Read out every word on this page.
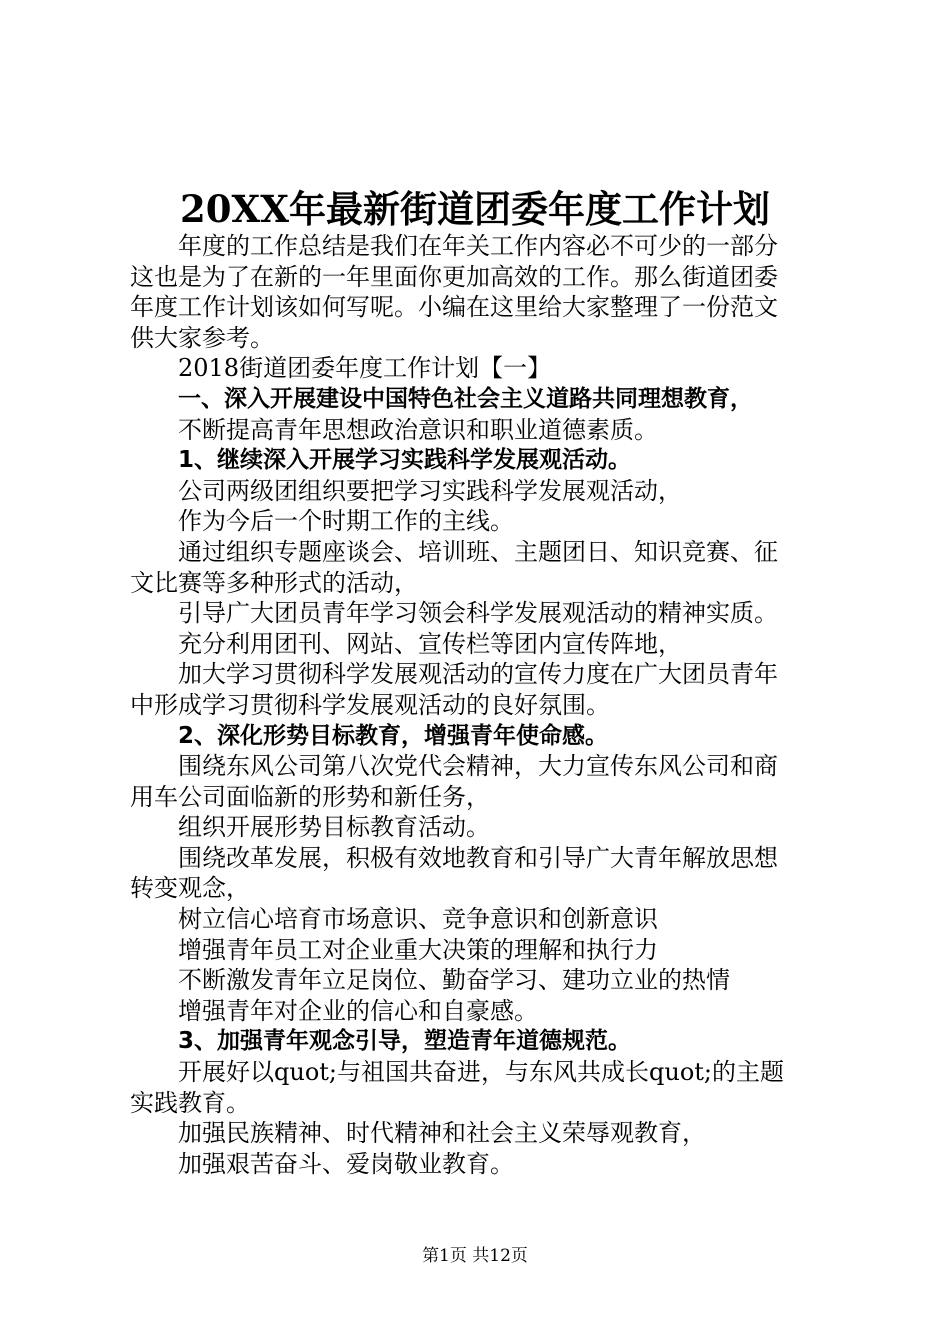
20XX年最新街道团委年度工作计划
年度的工作总结是我们在年关工作内容必不可少的一部分
这也是为了在新的一年里面你更加高效的工作。那么街道团委
年度工作计划该如何写呢。小编在这里给大家整理了一份范文
供大家参考。
2018街道团委年度工作计划【一】
一、深入开展建设中国特色社会主义道路共同理想教育，
不断提高青年思想政治意识和职业道德素质。
1、继续深入开展学习实践科学发展观活动。
公司两级团组织要把学习实践科学发展观活动，
作为今后一个时期工作的主线。
通过组织专题座谈会、培训班、主题团日、知识竞赛、征
文比赛等多种形式的活动，
引导广大团员青年学习领会科学发展观活动的精神实质。
充分利用团刊、网站、宣传栏等团内宣传阵地，
加大学习贯彻科学发展观活动的宣传力度在广大团员青年
中形成学习贯彻科学发展观活动的良好氛围。
2、深化形势目标教育，增强青年使命感。
围绕东风公司第八次党代会精神，大力宣传东风公司和商
用车公司面临新的形势和新任务，
组织开展形势目标教育活动。
围绕改革发展，积极有效地教育和引导广大青年解放思想
转变观念，
树立信心培育市场意识、竞争意识和创新意识
增强青年员工对企业重大决策的理解和执行力
不断激发青年立足岗位、勤奋学习、建功立业的热情
增强青年对企业的信心和自豪感。
3、加强青年观念引导，塑造青年道德规范。
开展好以quot;与祖国共奋进，与东风共成长quot;的主题
实践教育。
加强民族精神、时代精神和社会主义荣辱观教育，
加强艰苦奋斗、爱岗敬业教育。
第1页 共12页
